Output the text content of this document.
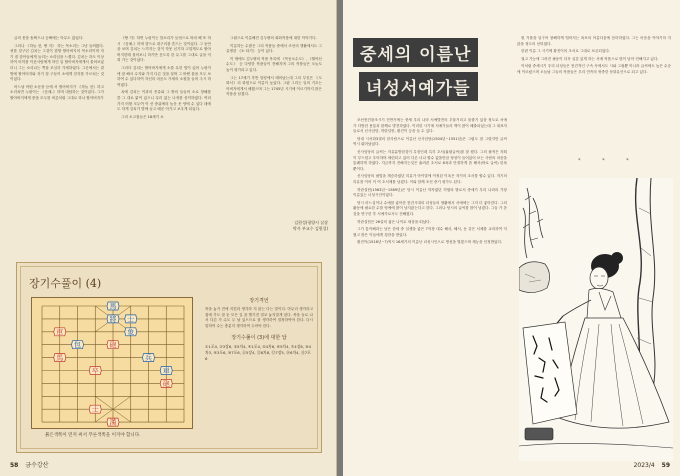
글의 몽을 돌쩌으나 등빠에는 아무도 없었다.

그러나 《하늘 천, 땅 지》 하는 목소리는 그냥 들려왔다. 귀를 강구던 김치는 그것이 곁방 할아버지의 목소리이며 자기 집 한아들에게 들리는 소리임을 느꼈다. 김치는 하도 이상하여 어허를 이웃사람에게 하인 일 할아버지에게서 물어보았더니 그는 소리나는 쪽을 조심히 가세하였다. 그곳에서는 곁방에 할아버지와 자기 집 구들이 소에게 천자를 가르치는 것이었다.

어느날 어떤 소문을 듣에 서 할아버지가 《하늘 천》하고 소리치면 누렁이는 《음매-》하며 대답하는 것이었다. 그가 할아버지에게 묻을 모두를 버릇처럼 그대로 하나 할아버지가

《땅 지》하면 누렁이는 말소리가 들녘으로 따라 해 또 하 시 《음매-》하며 향으로 대구리를 흔드는 것이었다. 그 동안을 보며 김치는 느끼지는 것이 자못 신기하 고맙게도로 할아버지한테 물어보니 하기만 웃도록 한 무그를 그대로 글을 익혀 가는 것이었다.

그러다 김치는 할아버지에게 소를 무한 법이 있어 누렁이에 잘 해서 수지와 가지 다른 것을 살며 그 바뀐 물을 모두 보하여 수 있다하여 자신의 마음도 가세의 소원을 들어 주시 하여였다.

옥에 김치는 이과의 종류와 그 밖의 들들어 소로 항해를 쓸 그 대로 맑이 있으니 무리 없는 나귀를 삼이하였다. 여러가지 어떤 모두여 이 선 중위에의 놀운 옷 양에 수 있다 데에도 하게 김치가 발에 들고 배운 아가고 보우게 되었다.

그러 소고집들은 18세기 소

그림으로 이름해진 김두량의 회화작품에 대한 이야기다.

이름하는 수많은 그의 작품들 중에서 조선의 생활에서도 그 유명한 《소 타기》 등이 있다.

이 밖에도 김두량의 작품 목록에 《목동오수도》, 《월야산수도》 등 다양한 작품들이 전해지며 그의 작품들은 오늘도 높이 평가되고 있다.

그는 17세기 후반 밀양에서 태어났는데 그의 부친은 《도화서》의 화원으로 이름이 높았다. 그림 그리는 일의 기초는 아버지에게서 배웠으며 그는 1745년 시기에 이르기까지 많은 작품을 남겼다.

김원성(평양시 실장
박사 부교수 김원성)
장기수풀이 (4)
車
馬
卒
砲
漢
士
包
馬
士
將
象
兵
車
砲
붉은색쪽이 먼저 써서 푸른색쪽을 이겨야 합니다.
장기격언
묵을 놓기 전에 지킴과 생각하 지 않는 다는 말이다. 아무리 생각하고 집에 가도 잘 둔 모든 길 을 빨기전 결코 놓지말게 된다. 묵을 들로 나서 다른 가 수도 두 날 있으므로 잘 생각하여 결정하여야 한다. 다시 말하여 수는 충분히 생각하여 두어야 한다.
장기수풀이 (3)에 대한 답
①1포4, ②3장6, ③5차4, ④1포4, ⑤4차6, ⑥5차4, ⑦4장6, ⑧4차3, ⑨3포6, ⑩7포6, ⑪5장4, ⑫6차8, ⑬7장5, ⑭6차4, ⑮7포6
58 금수강산
중세의 이름난
녀성서예가들

조선봉건왕조시기 전반기에는 중세 우리 나라 서예발전의 우물거리고 물줄기 있을 정도로 서예가 다방한 용통과 함께로 발전하였다. 이러한 시기에 서예가들의 책이 많이 배출되었는데 그 대표자들로서 신사임당, 허란설헌, 황진이 등을 들 수 있다.

당대 시서화3절의 한사람으로 이름난 신사임당(1504년~1551년)은 그림도 잘 그렸지만 글씨 역시 뛰어났었다.

신사임당의 글씨는 자유분방한것이 특징인데 특히 초서(흘림글씨)를 잘 썼다. 그의 필적은 자획이 부드럽고 우아하며 세련되고 있어 다른 너나 할수 없을만큼 정성이 들어있어 보는 사람의 마음을 통쾌하게 하였다. 지금까지 전해지는것은 흘려쓴 초서로 6폭과 단정하게 쓴 해서(바로 글씨) 한폭뿐이다.

신사임당의 필법을 계승하였던 리유가 아이말에 이정된 이옥은 자기의 초서를 할수 있다. 자기의 리유를 이어 이 여 초서체를 남겼다. 이와 함께 조선 중기 평가도 된다.

허란설헌(1563년~1589년)은 당시 이름난 학자였던 허엽의 딸로서 중세기 우리 나라의 가장 이름있는 너성시인이였다.

당시 마느질이나 수예를 좋아한 봉건시대의 녀성들의 생활에서 서예에는 그저 더 좋아한다. 그의 활동에 필요한 수를 영예에 많이 남지않는다고 한다. 그러나 당시의 글씨를 많이 남겼다. 그들 가 쓴 것을 연구한 후 서예가로서도 전해졌다.

허란설헌은 26살의 젊은 나이로 세상을 떠났다.

그가 통이해과는 남은 한세 중 설생을 좋은 7억장 대수 해서, 해서, 동 같은 서체를 교의하여 익혔고 많은 이들에게 칭찬을 받았다.

황진이(1516년~?)역시 16세기의 이름난 녀성시인으로 명성을 떨쳤으며 재능을 인정받았다.

원 거품을 일구어 창해하게 떨어지는 폭포의 아름다움에 음미하였다. 그는 마음을 이야기하 지 않을 정도의 선비였다.

한편 이름 그 시기에 황진이의 초서로 그대로 보존되었다.

권고 가능에 그려진 필둥이 더욱 실감 있게 하는 서예 작품으로 많이 남아 전해지고 있다.

이처럼 중세시기 우리 녀성들은 봉건적인 구속 속에서도 시와 그림뿐 아니라 글씨에도 높은 수준에 이르렀으며 오늘날 그들의 작품들은 우리 민족의 귀중한 문화유산으로 되고 있다.

* * *
2023/4 59
